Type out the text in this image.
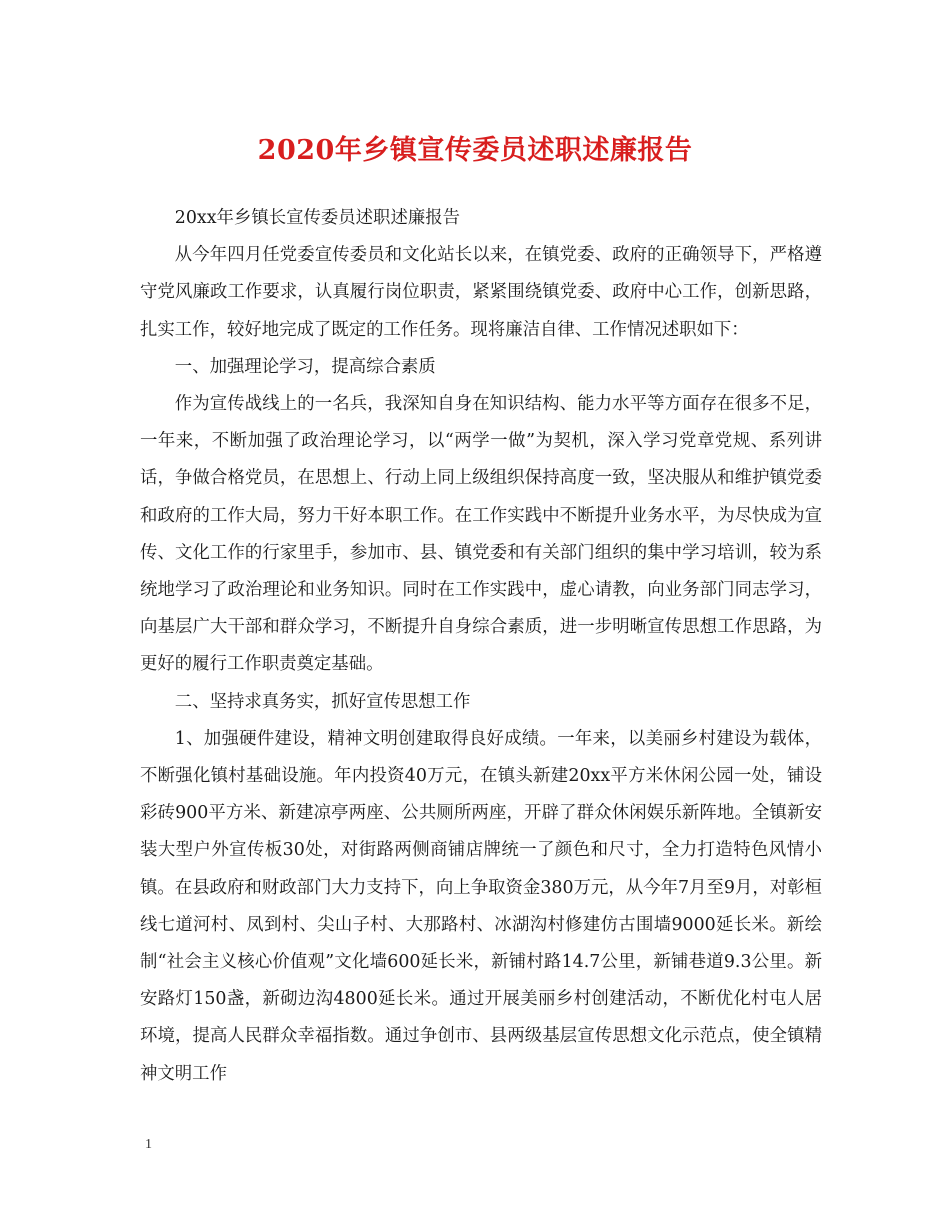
2020年乡镇宣传委员述职述廉报告

20xx年乡镇长宣传委员述职述廉报告

从今年四月任党委宣传委员和文化站长以来，在镇党委、政府的正确领导下，严格遵守党风廉政工作要求，认真履行岗位职责，紧紧围绕镇党委、政府中心工作，创新思路，扎实工作，较好地完成了既定的工作任务。现将廉洁自律、工作情况述职如下：

一、加强理论学习，提高综合素质

作为宣传战线上的一名兵，我深知自身在知识结构、能力水平等方面存在很多不足，一年来，不断加强了政治理论学习，以“两学一做”为契机，深入学习党章党规、系列讲话，争做合格党员，在思想上、行动上同上级组织保持高度一致，坚决服从和维护镇党委和政府的工作大局，努力干好本职工作。在工作实践中不断提升业务水平，为尽快成为宣传、文化工作的行家里手，参加市、县、镇党委和有关部门组织的集中学习培训，较为系统地学习了政治理论和业务知识。同时在工作实践中，虚心请教，向业务部门同志学习，向基层广大干部和群众学习，不断提升自身综合素质，进一步明晰宣传思想工作思路，为更好的履行工作职责奠定基础。

二、坚持求真务实，抓好宣传思想工作

1、加强硬件建设，精神文明创建取得良好成绩。一年来，以美丽乡村建设为载体，不断强化镇村基础设施。年内投资40万元，在镇头新建20xx平方米休闲公园一处，铺设彩砖900平方米、新建凉亭两座、公共厕所两座，开辟了群众休闲娱乐新阵地。全镇新安装大型户外宣传板30处，对街路两侧商铺店牌统一了颜色和尺寸，全力打造特色风情小镇。在县政府和财政部门大力支持下，向上争取资金380万元，从今年7月至9月，对彰桓线七道河村、凤到村、尖山子村、大那路村、冰湖沟村修建仿古围墙9000延长米。新绘制“社会主义核心价值观”文化墙600延长米，新铺村路14.7公里，新铺巷道9.3公里。新安路灯150盏，新砌边沟4800延长米。通过开展美丽乡村创建活动，不断优化村屯人居环境，提高人民群众幸福指数。通过争创市、县两级基层宣传思想文化示范点，使全镇精神文明工作

1
